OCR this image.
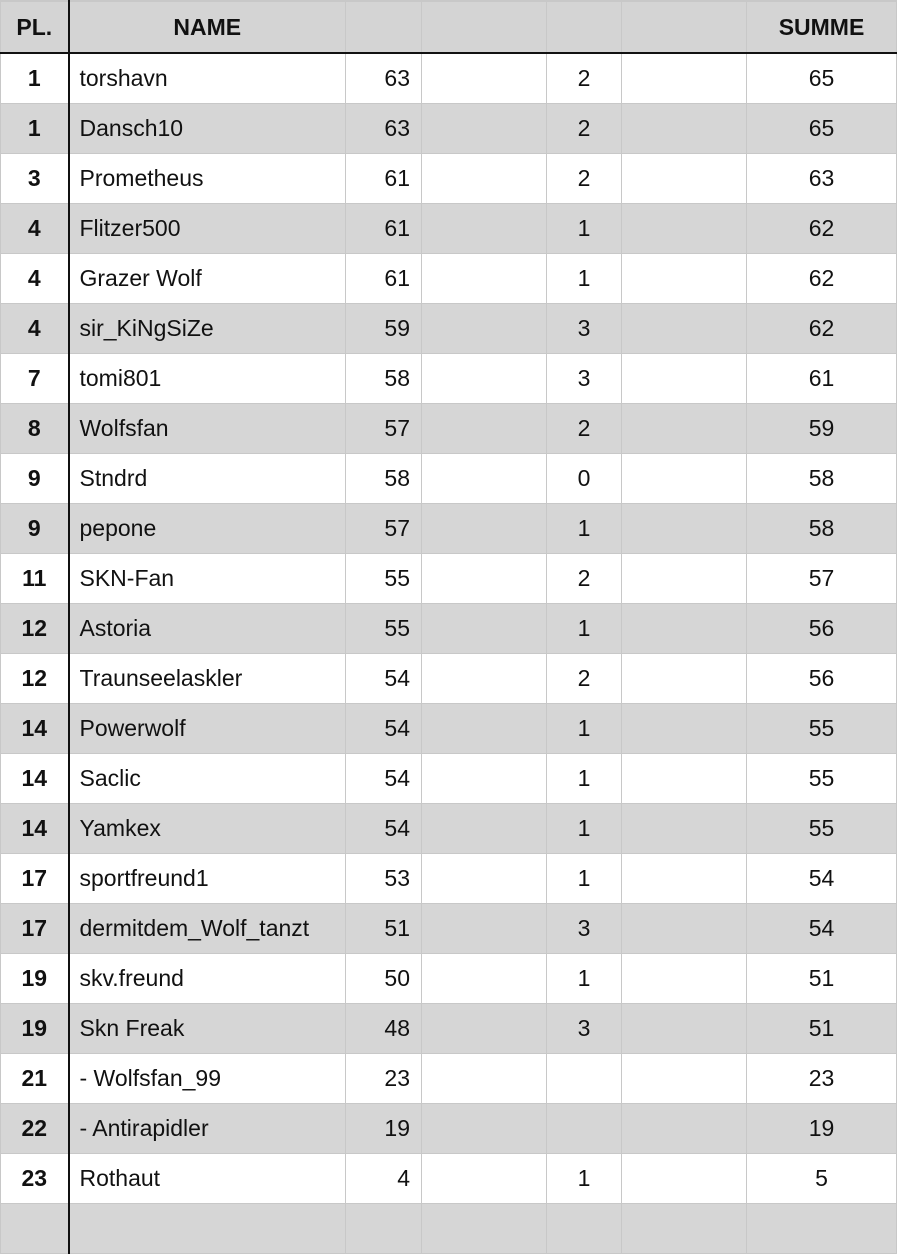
PL.	NAME					SUMME
1	torshavn	63		2		65
1	Dansch10	63		2		65
3	Prometheus	61		2		63
4	Flitzer500	61		1		62
4	Grazer Wolf	61		1		62
4	sir_KiNgSiZe	59		3		62
7	tomi801	58		3		61
8	Wolfsfan	57		2		59
9	Stndrd	58		0		58
9	pepone	57		1		58
11	SKN-Fan	55		2		57
12	Astoria	55		1		56
12	Traunseelaskler	54		2		56
14	Powerwolf	54		1		55
14	Saclic	54		1		55
14	Yamkex	54		1		55
17	sportfreund1	53		1		54
17	dermitdem_Wolf_tanzt	51		3		54
19	skv.freund	50		1		51
19	Skn Freak	48		3		51
21	- Wolfsfan_99	23				23
22	- Antirapidler	19				19
23	Rothaut	4		1		5
